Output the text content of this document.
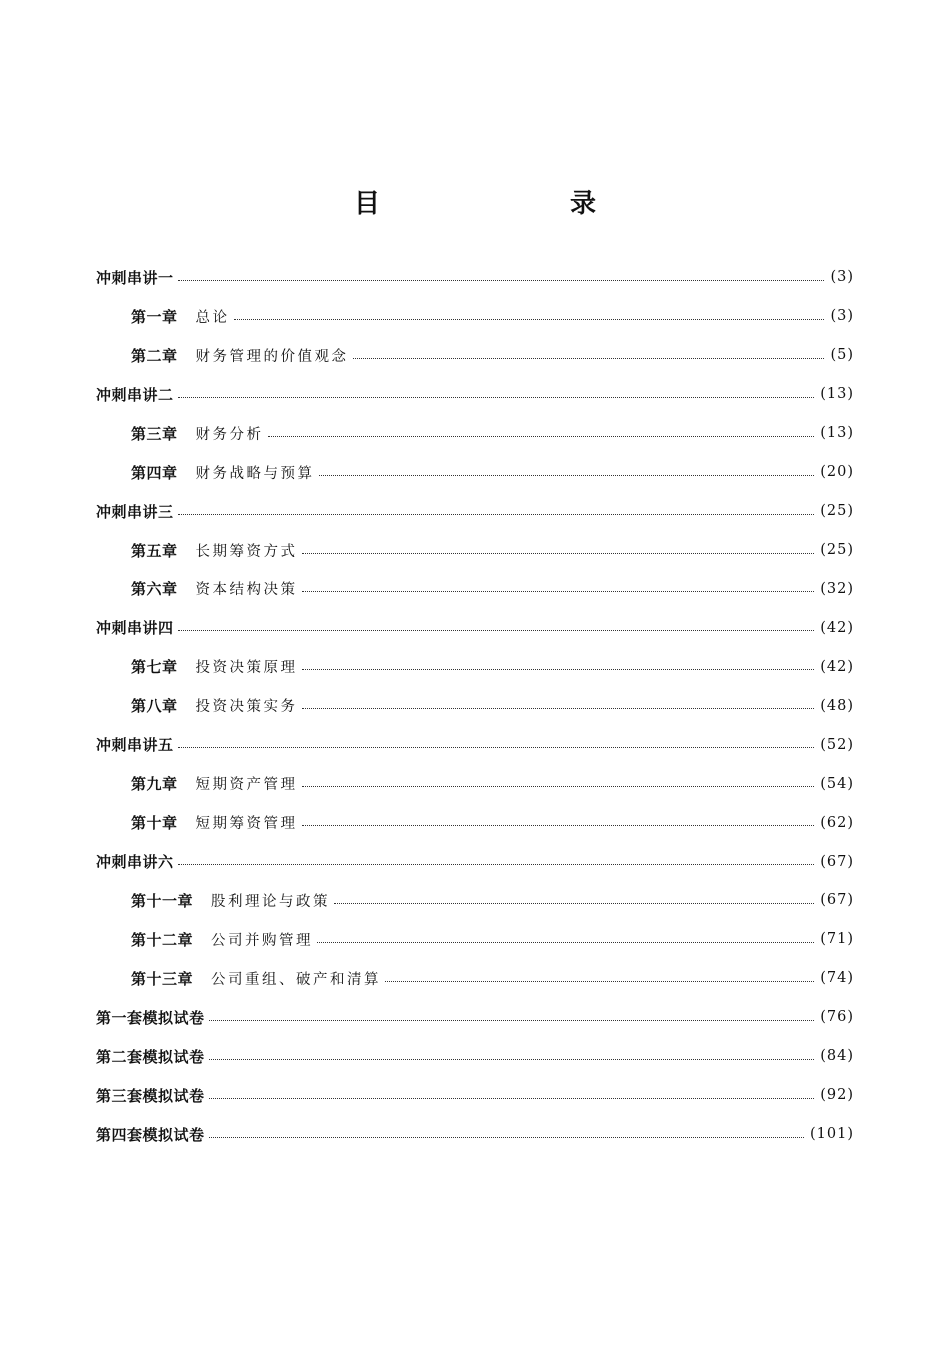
目　录
冲刺串讲一	(3)
第一章 总论	(3)
第二章 财务管理的价值观念	(5)
冲刺串讲二	(13)
第三章 财务分析	(13)
第四章 财务战略与预算	(20)
冲刺串讲三	(25)
第五章 长期筹资方式	(25)
第六章 资本结构决策	(32)
冲刺串讲四	(42)
第七章 投资决策原理	(42)
第八章 投资决策实务	(48)
冲刺串讲五	(52)
第九章 短期资产管理	(54)
第十章 短期筹资管理	(62)
冲刺串讲六	(67)
第十一章 股利理论与政策	(67)
第十二章 公司并购管理	(71)
第十三章 公司重组、破产和清算	(74)
第一套模拟试卷	(76)
第二套模拟试卷	(84)
第三套模拟试卷	(92)
第四套模拟试卷	(101)
